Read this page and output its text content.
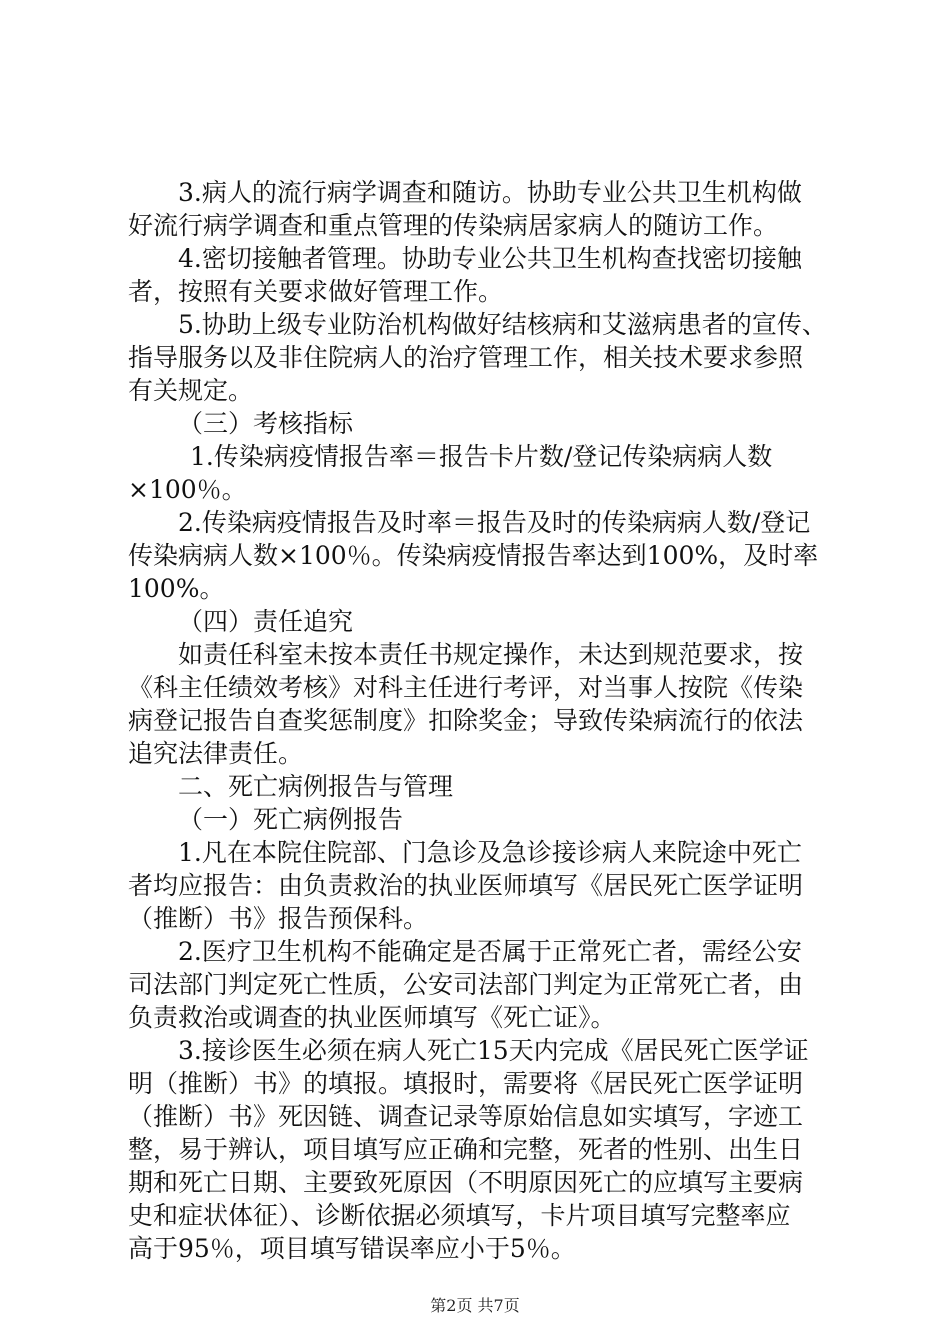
3.病人的流行病学调查和随访。协助专业公共卫生机构做
好流行病学调查和重点管理的传染病居家病人的随访工作。
4.密切接触者管理。协助专业公共卫生机构查找密切接触
者，按照有关要求做好管理工作。
5.协助上级专业防治机构做好结核病和艾滋病患者的宣传、
指导服务以及非住院病人的治疗管理工作，相关技术要求参照
有关规定。
（三）考核指标
1.传染病疫情报告率＝报告卡片数/登记传染病病人数
×100％。
2.传染病疫情报告及时率＝报告及时的传染病病人数/登记
传染病病人数×100％。传染病疫情报告率达到100%，及时率
100%。
（四）责任追究
如责任科室未按本责任书规定操作，未达到规范要求，按
《科主任绩效考核》对科主任进行考评，对当事人按院《传染
病登记报告自查奖惩制度》扣除奖金；导致传染病流行的依法
追究法律责任。
二、死亡病例报告与管理
（一）死亡病例报告
1.凡在本院住院部、门急诊及急诊接诊病人来院途中死亡
者均应报告：由负责救治的执业医师填写《居民死亡医学证明
（推断）书》报告预保科。
2.医疗卫生机构不能确定是否属于正常死亡者，需经公安
司法部门判定死亡性质，公安司法部门判定为正常死亡者，由
负责救治或调查的执业医师填写《死亡证》。
3.接诊医生必须在病人死亡15天内完成《居民死亡医学证
明（推断）书》的填报。填报时，需要将《居民死亡医学证明
（推断）书》死因链、调查记录等原始信息如实填写，字迹工
整，易于辨认，项目填写应正确和完整，死者的性别、出生日
期和死亡日期、主要致死原因（不明原因死亡的应填写主要病
史和症状体征）、诊断依据必须填写，卡片项目填写完整率应
高于95％，项目填写错误率应小于5％。
第2页 共7页
